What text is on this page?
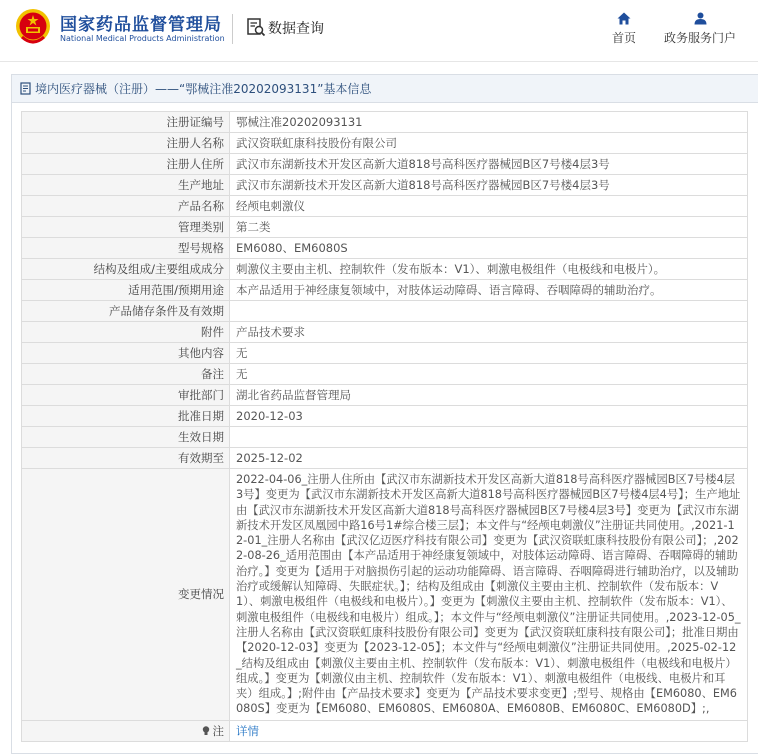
国家药品监督管理局
National Medical Products Administration
数据查询
首页	政务服务门户
境内医疗器械（注册）——“鄂械注准20202093131”基本信息
注册证编号	鄂械注准20202093131
注册人名称	武汉资联虹康科技股份有限公司
注册人住所	武汉市东湖新技术开发区高新大道818号高科医疗器械园B区7号楼4层3号
生产地址	武汉市东湖新技术开发区高新大道818号高科医疗器械园B区7号楼4层3号
产品名称	经颅电刺激仪
管理类别	第二类
型号规格	EM6080、EM6080S
结构及组成/主要组成成分	刺激仪主要由主机、控制软件（发布版本：V1）、刺激电极组件（电极线和电极片）。
适用范围/预期用途	本产品适用于神经康复领域中，对肢体运动障碍、语言障碍、吞咽障碍的辅助治疗。
产品储存条件及有效期	
附件	产品技术要求
其他内容	无
备注	无
审批部门	湖北省药品监督管理局
批准日期	2020-12-03
生效日期	
有效期至	2025-12-02
变更情况	2022-04-06_注册人住所由【武汉市东湖新技术开发区高新大道818号高科医疗器械园B区7号楼4层3号】变更为【武汉市东湖新技术开发区高新大道818号高科医疗器械园B区7号楼4层4号】；生产地址由【武汉市东湖新技术开发区高新大道818号高科医疗器械园B区7号楼4层3号】变更为【武汉市东湖新技术开发区凤凰园中路16号1#综合楼三层】；本文件与“经颅电刺激仪”注册证共同使用。,2021-12-01_注册人名称由【武汉亿迈医疗科技有限公司】变更为【武汉资联虹康科技股份有限公司】；,2022-08-26_适用范围由【本产品适用于神经康复领域中，对肢体运动障碍、语言障碍、吞咽障碍的辅助治疗。】变更为【适用于对脑损伤引起的运动功能障碍、语言障碍、吞咽障碍进行辅助治疗，以及辅助治疗或缓解认知障碍、失眠症状。】；结构及组成由【刺激仪主要由主机、控制软件（发布版本：V1）、刺激电极组件（电极线和电极片）。】变更为【刺激仪主要由主机、控制软件（发布版本：V1）、刺激电极组件（电极线和电极片）组成。】；本文件与“经颅电刺激仪”注册证共同使用。,2023-12-05_注册人名称由【武汉资联虹康科技股份有限公司】变更为【武汉资联虹康科技有限公司】；批准日期由【2020-12-03】变更为【2023-12-05】；本文件与“经颅电刺激仪”注册证共同使用。,2025-02-12_结构及组成由【刺激仪主要由主机、控制软件（发布版本：V1）、刺激电极组件（电极线和电极片）组成。】变更为【刺激仪由主机、控制软件（发布版本：V1）、刺激电极组件（电极线、电极片和耳夹）组成。】;附件由【产品技术要求】变更为【产品技术要求变更】;型号、规格由【EM6080、EM6080S】变更为【EM6080、EM6080S、EM6080A、EM6080B、EM6080C、EM6080D】;,
注	详情
